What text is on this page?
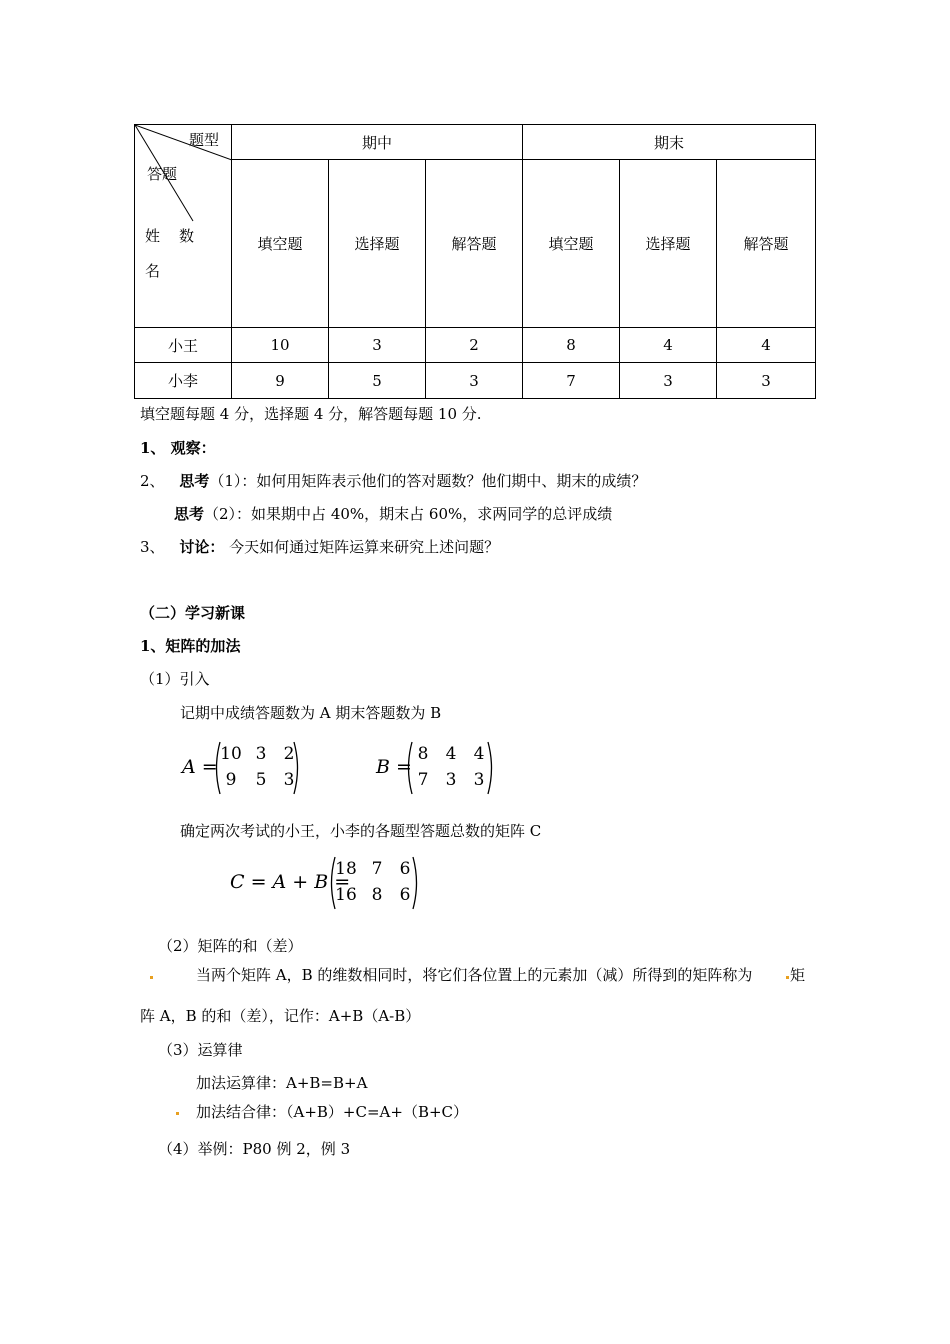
题型
答题
姓 数
名	期中			期末		
	填空题	选择题	解答题	填空题	选择题	解答题
小王	10	3	2	8	4	4
小李	9	5	3	7	3	3
填空题每题 4 分，选择题 4 分，解答题每题 10 分.
1、 观察：
2、 思考（1）：如何用矩阵表示他们的答对题数？他们期中、期末的成绩？
思考（2）：如果期中占 40%，期末占 60%，求两同学的总评成绩
3、 讨论： 今天如何通过矩阵运算来研究上述问题？
（二）学习新课
1、矩阵的加法
（1）引入
记期中成绩答题数为 A 期末答题数为 B
A =
10 3	2
9	5	3
B =
8	4	4
7	3	3
确定两次考试的小王，小李的各题型答题总数的矩阵 C
C = A + B =
18 7	6
16 8	6
（2）矩阵的和（差）
当两个矩阵 A，B 的维数相同时，将它们各位置上的元素加（减）所得到的矩阵称为	矩
阵 A，B 的和（差），记作：A+B（A-B）
（3）运算律
加法运算律：A+B=B+A
加法结合律：（A+B）+C=A+（B+C）
（4）举例：P80 例 2，例 3
